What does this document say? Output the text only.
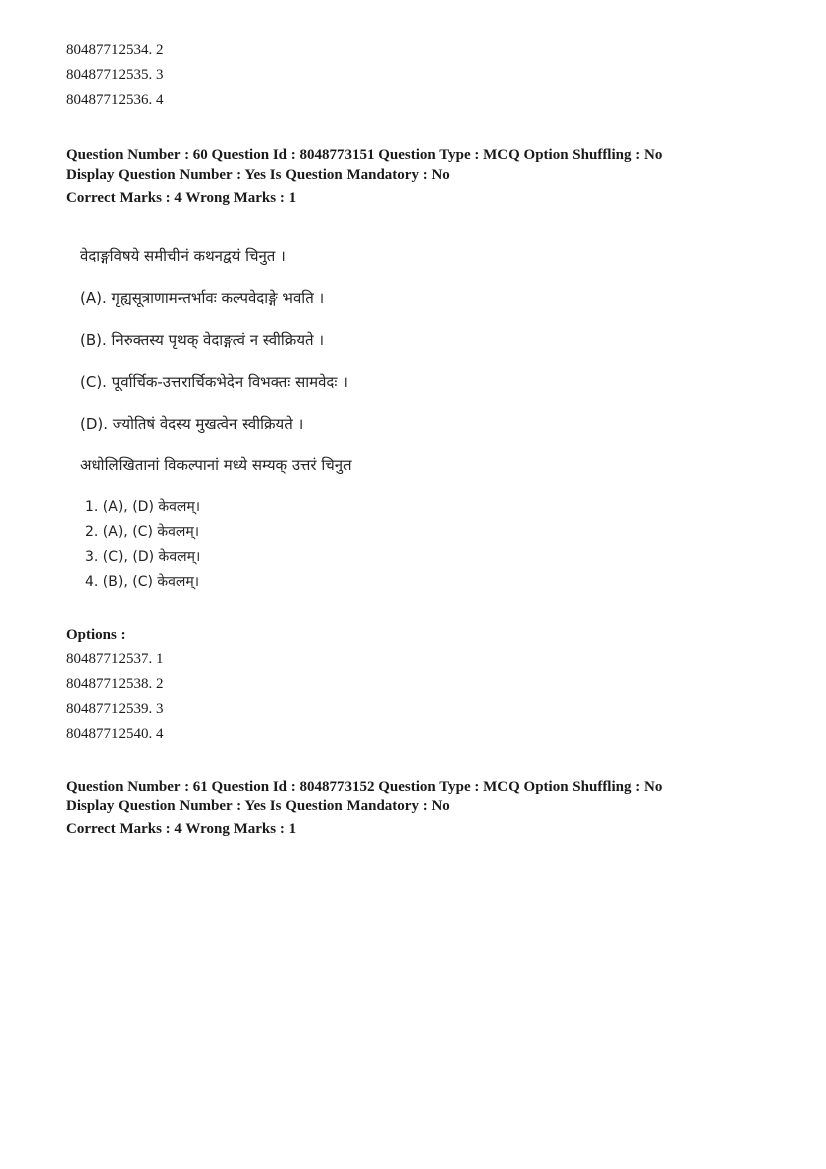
80487712534. 2
80487712535. 3
80487712536. 4
Question Number : 60 Question Id : 8048773151 Question Type : MCQ Option Shuffling : No
Display Question Number : Yes Is Question Mandatory : No
Correct Marks : 4 Wrong Marks : 1
वेदाङ्गविषये समीचीनं कथनद्वयं चिनुत ।
(A). गृह्यसूत्राणामन्तर्भावः कल्पवेदाङ्गे भवति ।
(B). निरुक्तस्य पृथक् वेदाङ्गत्वं न स्वीक्रियते ।
(C). पूर्वार्चिक-उत्तरार्चिकभेदेन विभक्तः सामवेदः ।
(D). ज्योतिषं वेदस्य मुखत्वेन स्वीक्रियते ।
अधोलिखितानां विकल्पानां मध्ये सम्यक् उत्तरं चिनुत
1. (A), (D) केवलम्।
2. (A), (C) केवलम्।
3. (C), (D) केवलम्।
4. (B), (C) केवलम्।
Options :
80487712537. 1
80487712538. 2
80487712539. 3
80487712540. 4
Question Number : 61 Question Id : 8048773152 Question Type : MCQ Option Shuffling : No
Display Question Number : Yes Is Question Mandatory : No
Correct Marks : 4 Wrong Marks : 1
